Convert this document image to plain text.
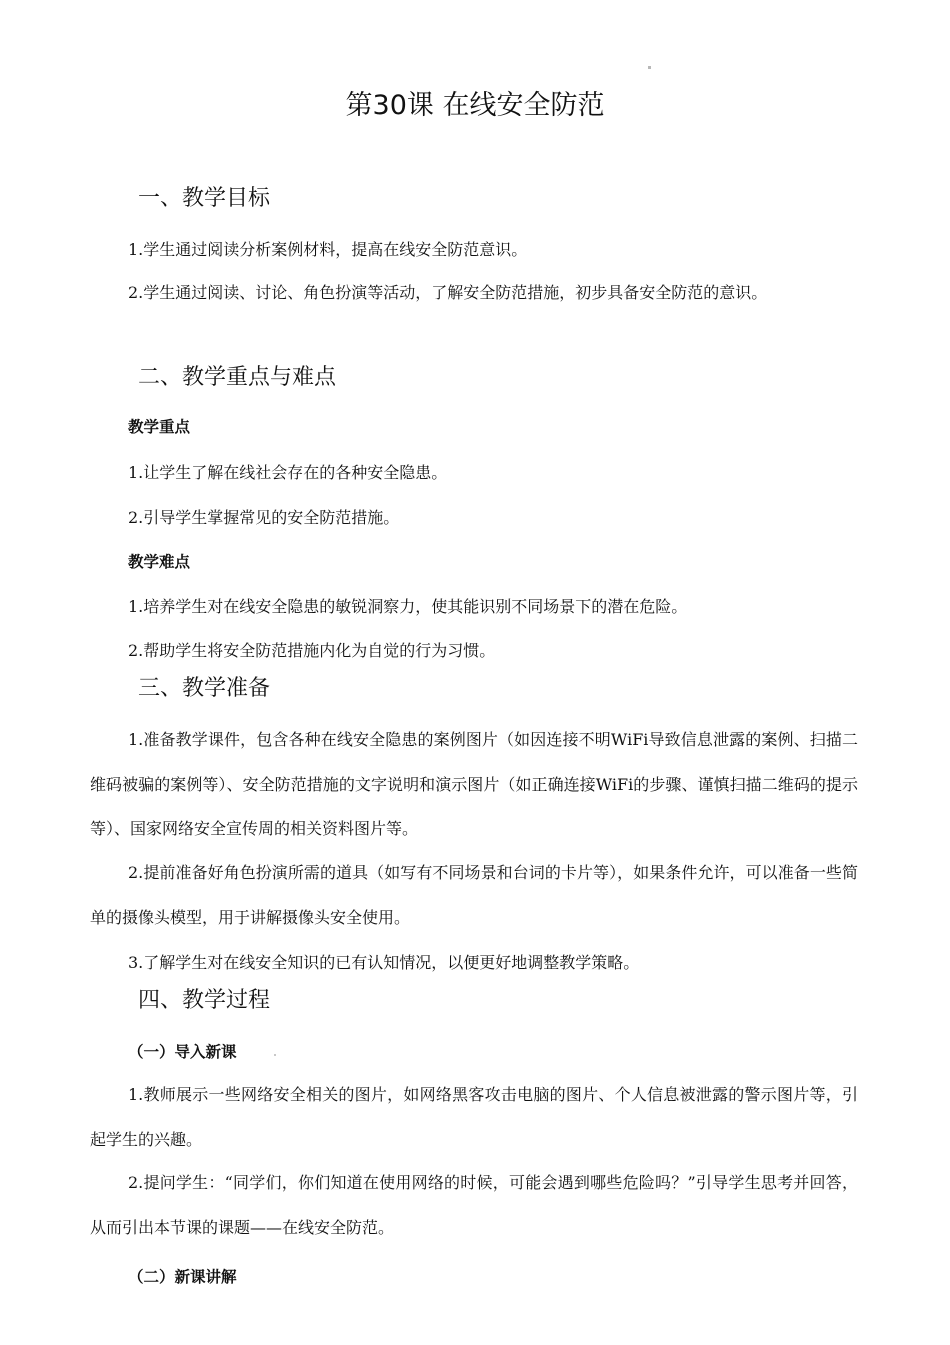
第30课 在线安全防范
一、教学目标
1.学生通过阅读分析案例材料，提高在线安全防范意识。
2.学生通过阅读、讨论、角色扮演等活动，了解安全防范措施，初步具备安全防范的意识。
二、教学重点与难点
教学重点
1.让学生了解在线社会存在的各种安全隐患。
2.引导学生掌握常见的安全防范措施。
教学难点
1.培养学生对在线安全隐患的敏锐洞察力，使其能识别不同场景下的潜在危险。
2.帮助学生将安全防范措施内化为自觉的行为习惯。
三、教学准备
1.准备教学课件，包含各种在线安全隐患的案例图片（如因连接不明WiFi导致信息泄露的案例、扫描二维码被骗的案例等）、安全防范措施的文字说明和演示图片（如正确连接WiFi的步骤、谨慎扫描二维码的提示等）、国家网络安全宣传周的相关资料图片等。
2.提前准备好角色扮演所需的道具（如写有不同场景和台词的卡片等），如果条件允许，可以准备一些简单的摄像头模型，用于讲解摄像头安全使用。
3.了解学生对在线安全知识的已有认知情况，以便更好地调整教学策略。
四、教学过程
（一）导入新课
1.教师展示一些网络安全相关的图片，如网络黑客攻击电脑的图片、个人信息被泄露的警示图片等，引起学生的兴趣。
2.提问学生：“同学们，你们知道在使用网络的时候，可能会遇到哪些危险吗？”引导学生思考并回答，从而引出本节课的课题——在线安全防范。
（二）新课讲解
